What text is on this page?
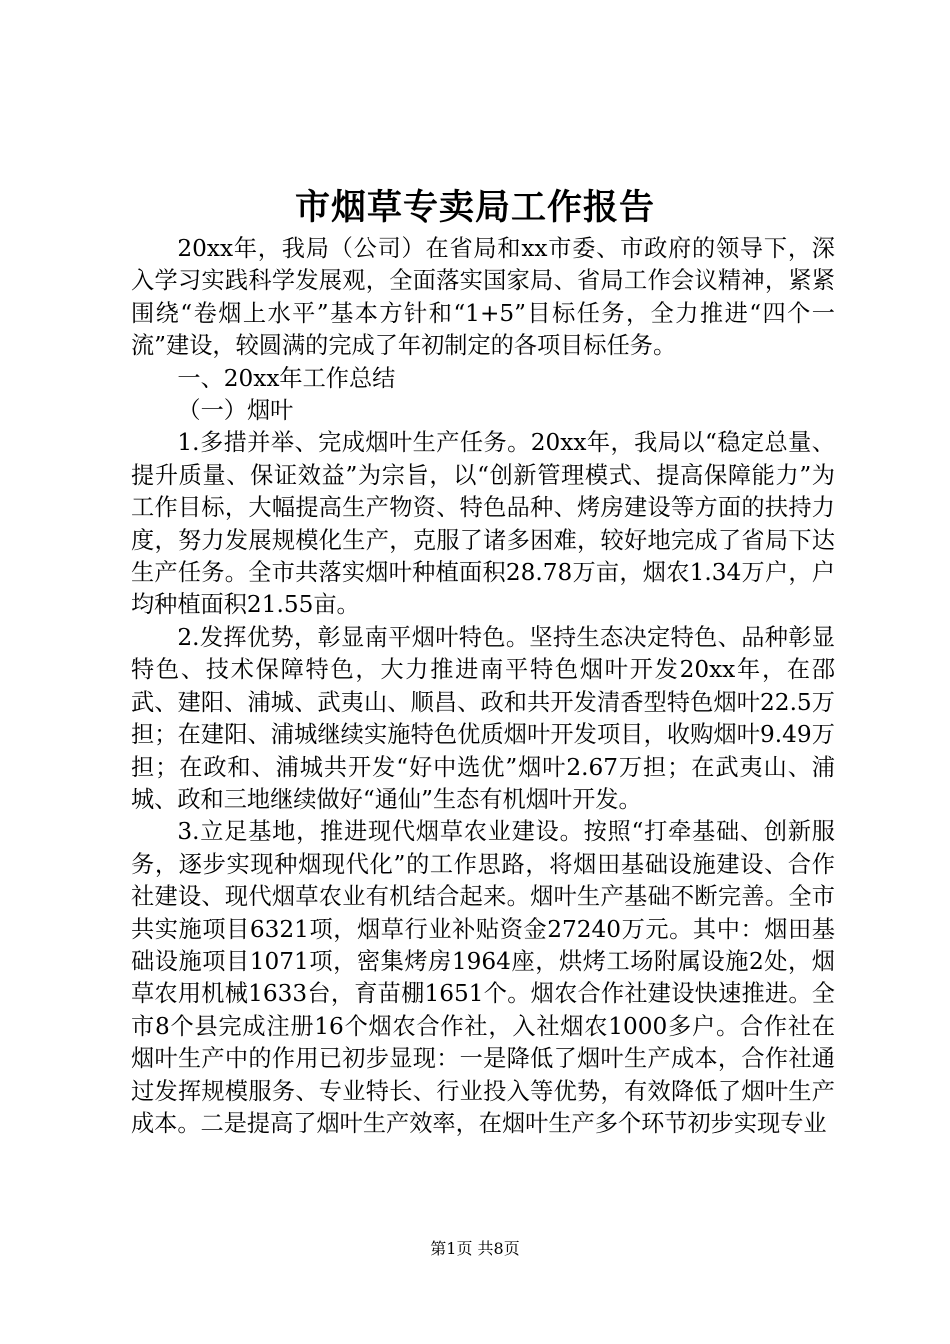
市烟草专卖局工作报告

20xx年，我局（公司）在省局和xx市委、市政府的领导下，深入学习实践科学发展观，全面落实国家局、省局工作会议精神，紧紧围绕“卷烟上水平”基本方针和“1+5”目标任务，全力推进“四个一流”建设，较圆满的完成了年初制定的各项目标任务。

一、20xx年工作总结

（一）烟叶

1.多措并举、完成烟叶生产任务。20xx年，我局以“稳定总量、提升质量、保证效益”为宗旨，以“创新管理模式、提高保障能力”为工作目标，大幅提高生产物资、特色品种、烤房建设等方面的扶持力度，努力发展规模化生产，克服了诸多困难，较好地完成了省局下达生产任务。全市共落实烟叶种植面积28.78万亩，烟农1.34万户，户均种植面积21.55亩。

2.发挥优势，彰显南平烟叶特色。坚持生态决定特色、品种彰显特色、技术保障特色，大力推进南平特色烟叶开发20xx年，在邵武、建阳、浦城、武夷山、顺昌、政和共开发清香型特色烟叶22.5万担；在建阳、浦城继续实施特色优质烟叶开发项目，收购烟叶9.49万担；在政和、浦城共开发“好中选优”烟叶2.67万担；在武夷山、浦城、政和三地继续做好“通仙”生态有机烟叶开发。

3.立足基地，推进现代烟草农业建设。按照“打牵基础、创新服务，逐步实现种烟现代化”的工作思路，将烟田基础设施建设、合作社建设、现代烟草农业有机结合起来。烟叶生产基础不断完善。全市共实施项目6321项，烟草行业补贴资金27240万元。其中：烟田基础设施项目1071项，密集烤房1964座，烘烤工场附属设施2处，烟草农用机械1633台，育苗棚1651个。烟农合作社建设快速推进。全市8个县完成注册16个烟农合作社，入社烟农1000多户。合作社在烟叶生产中的作用已初步显现：一是降低了烟叶生产成本，合作社通过发挥规模服务、专业特长、行业投入等优势，有效降低了烟叶生产成本。二是提高了烟叶生产效率，在烟叶生产多个环节初步实现专业

第1页 共8页
